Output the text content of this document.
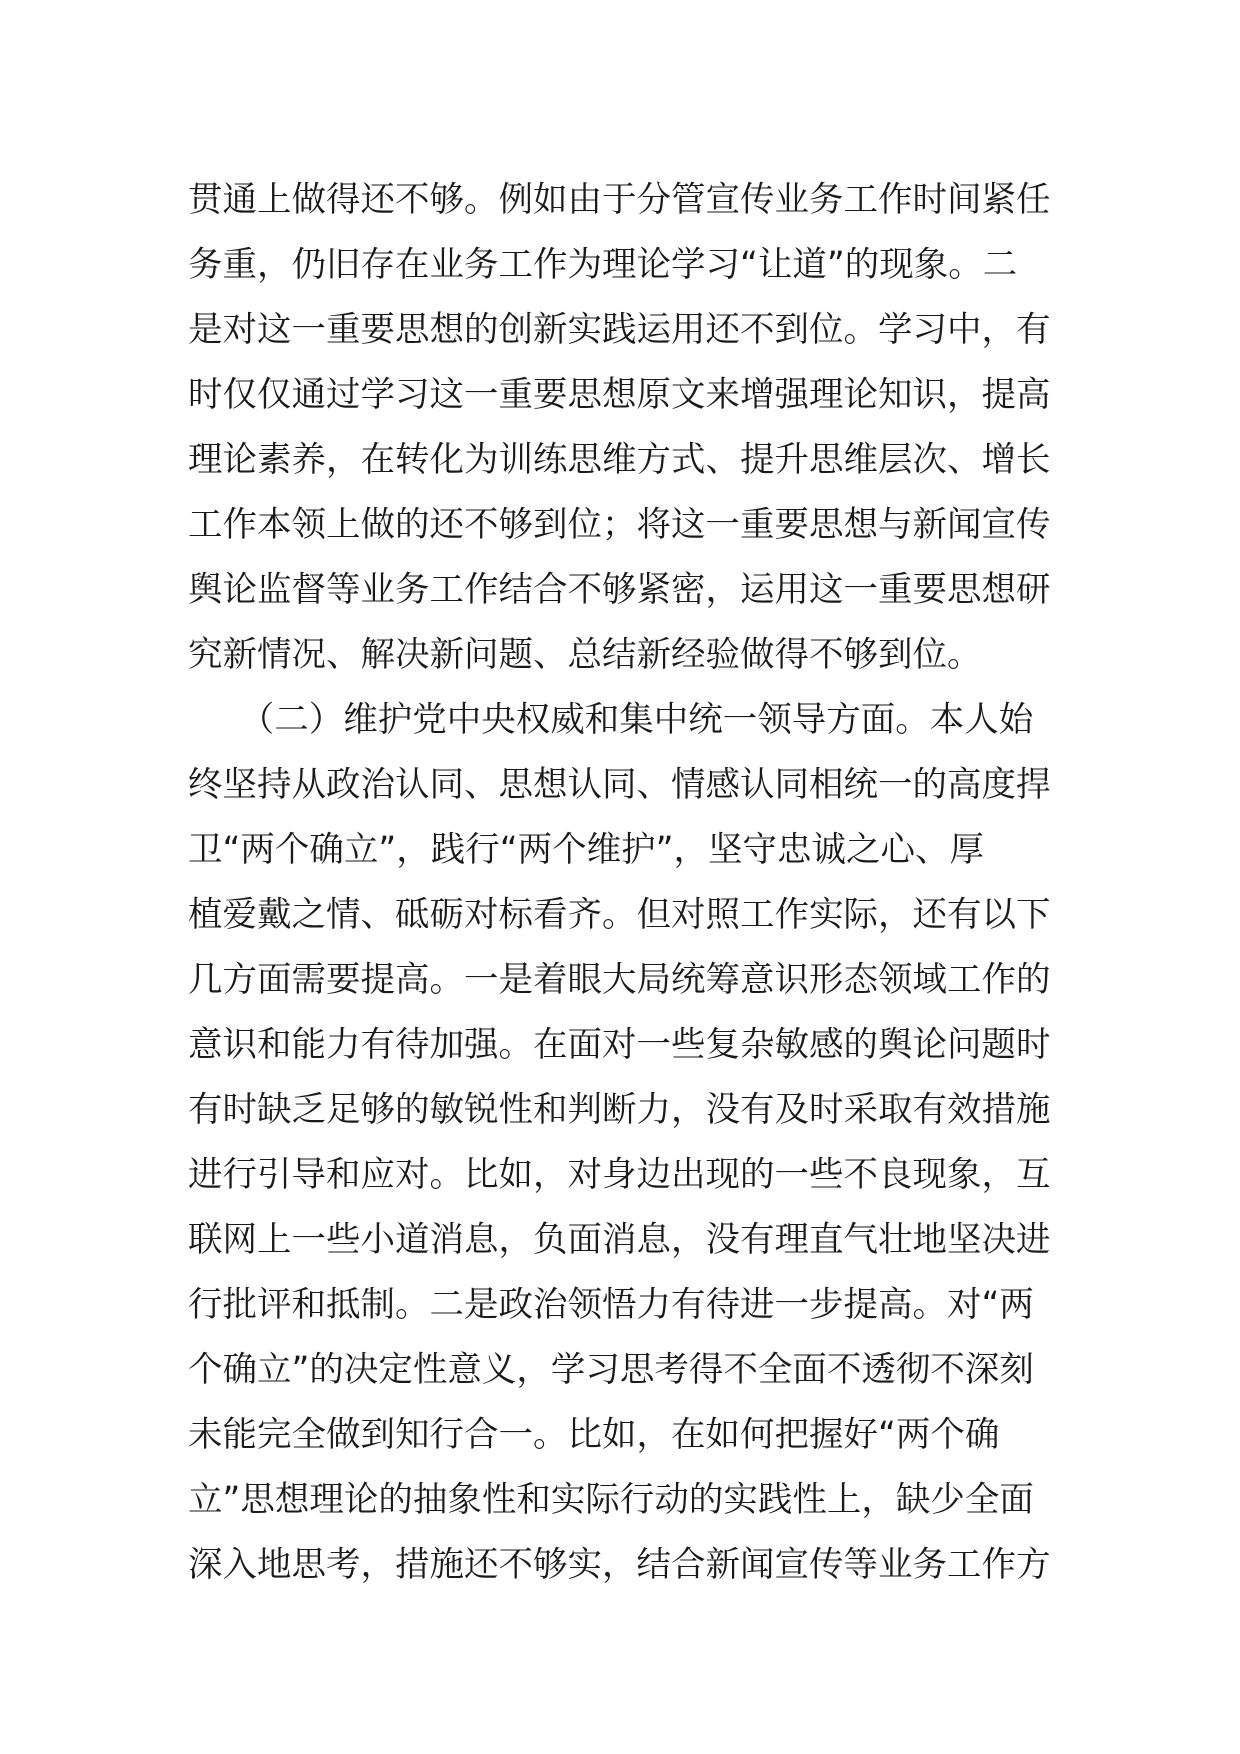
贯通上做得还不够。例如由于分管宣传业务工作时间紧任
务重，仍旧存在业务工作为理论学习“让道”的现象。二
是对这一重要思想的创新实践运用还不到位。学习中，有
时仅仅通过学习这一重要思想原文来增强理论知识，提高
理论素养，在转化为训练思维方式、提升思维层次、增长
工作本领上做的还不够到位；将这一重要思想与新闻宣传
舆论监督等业务工作结合不够紧密，运用这一重要思想研
究新情况、解决新问题、总结新经验做得不够到位。
　　（二）维护党中央权威和集中统一领导方面。本人始
终坚持从政治认同、思想认同、情感认同相统一的高度捍
卫“两个确立”，践行“两个维护”，坚守忠诚之心、厚
植爱戴之情、砥砺对标看齐。但对照工作实际，还有以下
几方面需要提高。一是着眼大局统筹意识形态领域工作的
意识和能力有待加强。在面对一些复杂敏感的舆论问题时
有时缺乏足够的敏锐性和判断力，没有及时采取有效措施
进行引导和应对。比如，对身边出现的一些不良现象，互
联网上一些小道消息，负面消息，没有理直气壮地坚决进
行批评和抵制。二是政治领悟力有待进一步提高。对“两
个确立”的决定性意义，学习思考得不全面不透彻不深刻
未能完全做到知行合一。比如，在如何把握好“两个确
立”思想理论的抽象性和实际行动的实践性上，缺少全面
深入地思考，措施还不够实，结合新闻宣传等业务工作方
